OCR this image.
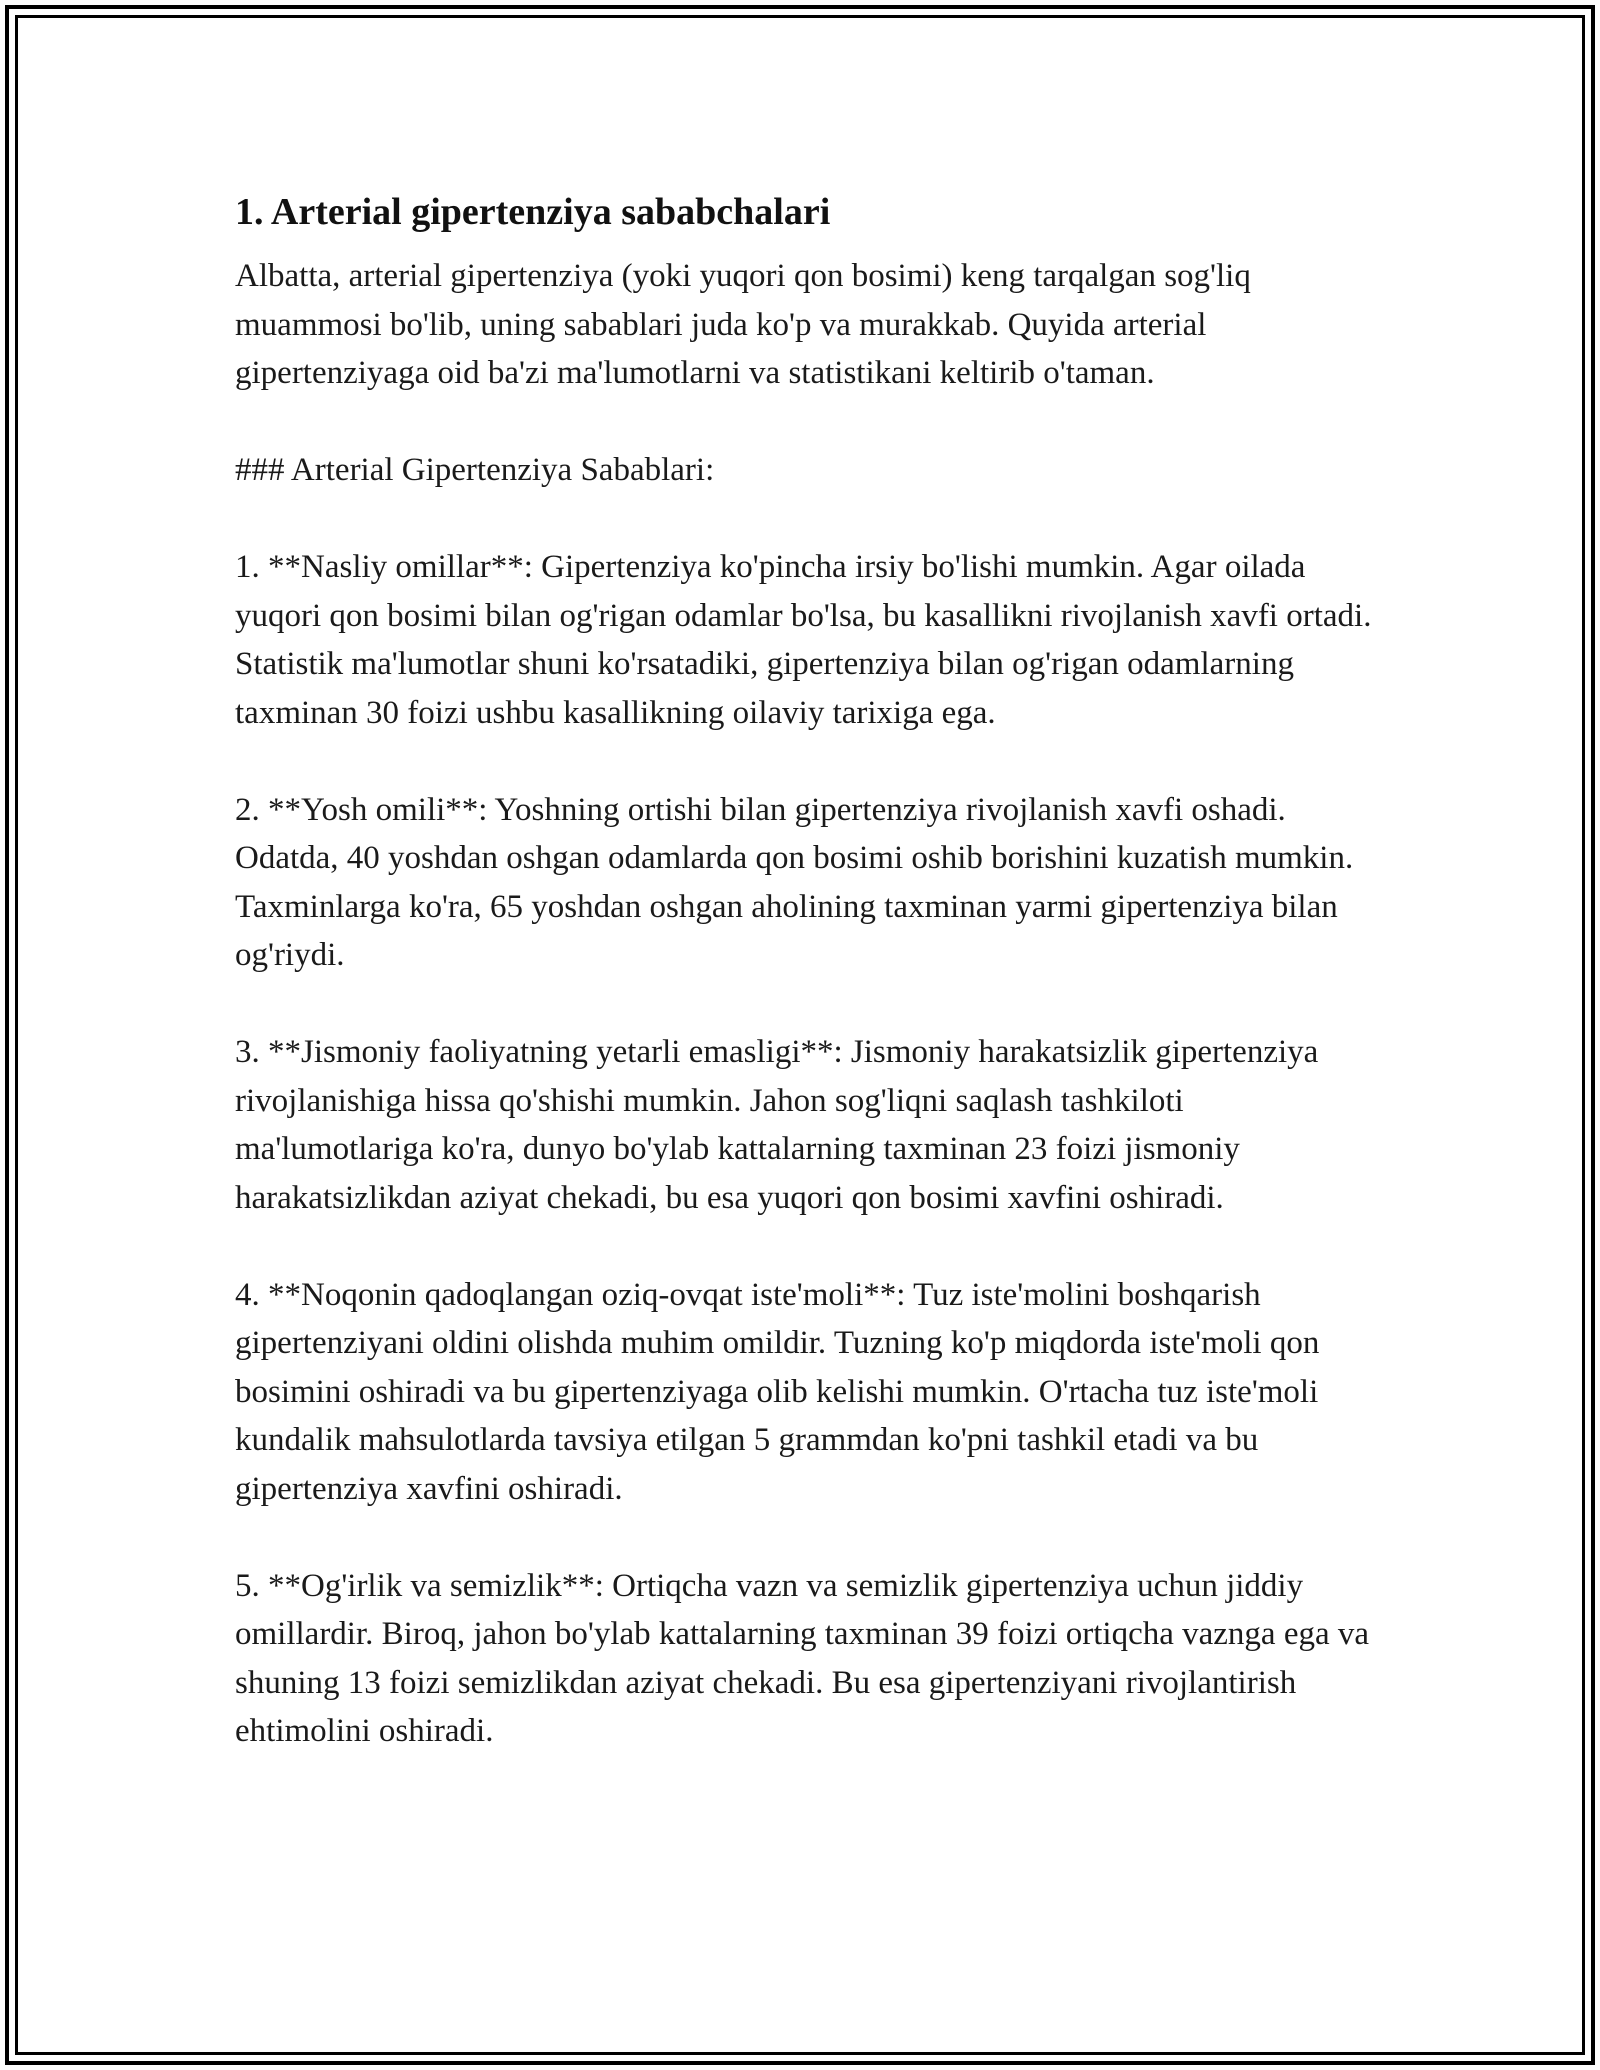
1. Arterial gipertenziya sababchalari

Albatta, arterial gipertenziya (yoki yuqori qon bosimi) keng tarqalgan sog'liq muammosi bo'lib, uning sabablari juda ko'p va murakkab. Quyida arterial gipertenziyaga oid ba'zi ma'lumotlarni va statistikani keltirib o'taman.

### Arterial Gipertenziya Sabablari:

1. **Nasliy omillar**: Gipertenziya ko'pincha irsiy bo'lishi mumkin. Agar oilada yuqori qon bosimi bilan og'rigan odamlar bo'lsa, bu kasallikni rivojlanish xavfi ortadi. Statistik ma'lumotlar shuni ko'rsatadiki, gipertenziya bilan og'rigan odamlarning taxminan 30 foizi ushbu kasallikning oilaviy tarixiga ega.

2. **Yosh omili**: Yoshning ortishi bilan gipertenziya rivojlanish xavfi oshadi. Odatda, 40 yoshdan oshgan odamlarda qon bosimi oshib borishini kuzatish mumkin. Taxminlarga ko'ra, 65 yoshdan oshgan aholining taxminan yarmi gipertenziya bilan og'riydi.

3. **Jismoniy faoliyatning yetarli emasligi**: Jismoniy harakatsizlik gipertenziya rivojlanishiga hissa qo'shishi mumkin. Jahon sog'liqni saqlash tashkiloti ma'lumotlariga ko'ra, dunyo bo'ylab kattalarning taxminan 23 foizi jismoniy harakatsizlikdan aziyat chekadi, bu esa yuqori qon bosimi xavfini oshiradi.

4. **Noqonin qadoqlangan oziq-ovqat iste'moli**: Tuz iste'molini boshqarish gipertenziyani oldini olishda muhim omildir. Tuzning ko'p miqdorda iste'moli qon bosimini oshiradi va bu gipertenziyaga olib kelishi mumkin. O'rtacha tuz iste'moli kundalik mahsulotlarda tavsiya etilgan 5 grammdan ko'pni tashkil etadi va bu gipertenziya xavfini oshiradi.

5. **Og'irlik va semizlik**: Ortiqcha vazn va semizlik gipertenziya uchun jiddiy omillardir. Biroq, jahon bo'ylab kattalarning taxminan 39 foizi ortiqcha vaznga ega va shuning 13 foizi semizlikdan aziyat chekadi. Bu esa gipertenziyani rivojlantirish ehtimolini oshiradi.
